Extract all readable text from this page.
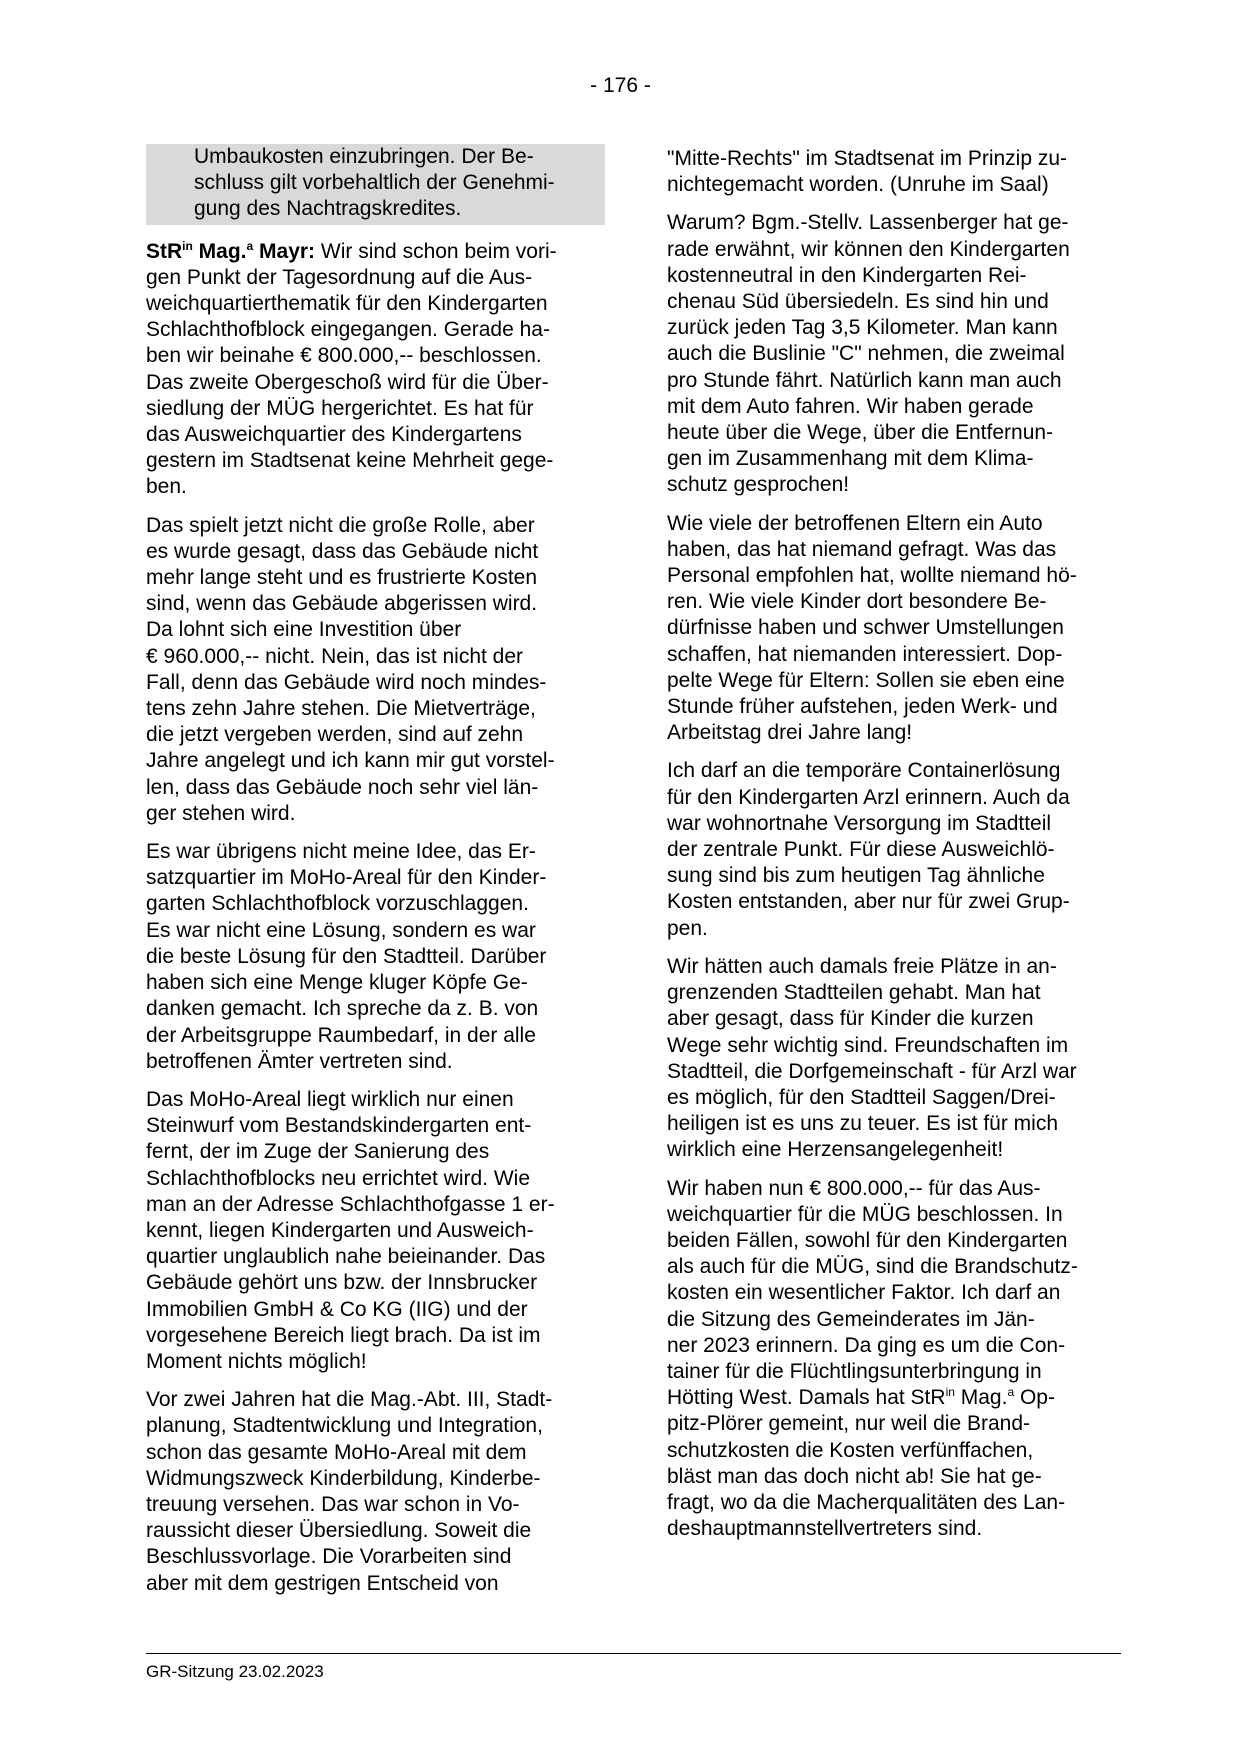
- 176 -

Umbaukosten einzubringen. Der Be-
schluss gilt vorbehaltlich der Genehmi-
gung des Nachtragskredites.

StR$^{in}$ Mag.$^a$ Mayr: Wir sind schon beim vori-
gen Punkt der Tagesordnung auf die Aus-
weichquartierthematik für den Kindergarten
Schlachthofblock eingegangen. Gerade ha-
ben wir beinahe € 800.000,-- beschlossen.
Das zweite Obergeschoß wird für die Über-
siedlung der MÜG hergerichtet. Es hat für
das Ausweichquartier des Kindergartens
gestern im Stadtsenat keine Mehrheit gege-
ben.

Das spielt jetzt nicht die große Rolle, aber
es wurde gesagt, dass das Gebäude nicht
mehr lange steht und es frustrierte Kosten
sind, wenn das Gebäude abgerissen wird.
Da lohnt sich eine Investition über
€ 960.000,-- nicht. Nein, das ist nicht der
Fall, denn das Gebäude wird noch mindes-
tens zehn Jahre stehen. Die Mietverträge,
die jetzt vergeben werden, sind auf zehn
Jahre angelegt und ich kann mir gut vorstel-
len, dass das Gebäude noch sehr viel län-
ger stehen wird.

Es war übrigens nicht meine Idee, das Er-
satzquartier im MoHo-Areal für den Kinder-
garten Schlachthofblock vorzuschlaggen.
Es war nicht eine Lösung, sondern es war
die beste Lösung für den Stadtteil. Darüber
haben sich eine Menge kluger Köpfe Ge-
danken gemacht. Ich spreche da z. B. von
der Arbeitsgruppe Raumbedarf, in der alle
betroffenen Ämter vertreten sind.

Das MoHo-Areal liegt wirklich nur einen
Steinwurf vom Bestandskindergarten ent-
fernt, der im Zuge der Sanierung des
Schlachthofblocks neu errichtet wird. Wie
man an der Adresse Schlachthofgasse 1 er-
kennt, liegen Kindergarten und Ausweich-
quartier unglaublich nahe beieinander. Das
Gebäude gehört uns bzw. der Innsbrucker
Immobilien GmbH & Co KG (IIG) und der
vorgesehene Bereich liegt brach. Da ist im
Moment nichts möglich!

Vor zwei Jahren hat die Mag.-Abt. III, Stadt-
planung, Stadtentwicklung und Integration,
schon das gesamte MoHo-Areal mit dem
Widmungszweck Kinderbildung, Kinderbe-
treuung versehen. Das war schon in Vo-
raussicht dieser Übersiedlung. Soweit die
Beschlussvorlage. Die Vorarbeiten sind
aber mit dem gestrigen Entscheid von

"Mitte-Rechts" im Stadtsenat im Prinzip zu-
nichtegemacht worden. (Unruhe im Saal)

Warum? Bgm.-Stellv. Lassenberger hat ge-
rade erwähnt, wir können den Kindergarten
kostenneutral in den Kindergarten Rei-
chenau Süd übersiedeln. Es sind hin und
zurück jeden Tag 3,5 Kilometer. Man kann
auch die Buslinie "C" nehmen, die zweimal
pro Stunde fährt. Natürlich kann man auch
mit dem Auto fahren. Wir haben gerade
heute über die Wege, über die Entfernun-
gen im Zusammenhang mit dem Klima-
schutz gesprochen!

Wie viele der betroffenen Eltern ein Auto
haben, das hat niemand gefragt. Was das
Personal empfohlen hat, wollte niemand hö-
ren. Wie viele Kinder dort besondere Be-
dürfnisse haben und schwer Umstellungen
schaffen, hat niemanden interessiert. Dop-
pelte Wege für Eltern: Sollen sie eben eine
Stunde früher aufstehen, jeden Werk- und
Arbeitstag drei Jahre lang!

Ich darf an die temporäre Containerlösung
für den Kindergarten Arzl erinnern. Auch da
war wohnortnahe Versorgung im Stadtteil
der zentrale Punkt. Für diese Ausweichlö-
sung sind bis zum heutigen Tag ähnliche
Kosten entstanden, aber nur für zwei Grup-
pen.

Wir hätten auch damals freie Plätze in an-
grenzenden Stadtteilen gehabt. Man hat
aber gesagt, dass für Kinder die kurzen
Wege sehr wichtig sind. Freundschaften im
Stadtteil, die Dorfgemeinschaft - für Arzl war
es möglich, für den Stadtteil Saggen/Drei-
heiligen ist es uns zu teuer. Es ist für mich
wirklich eine Herzensangelegenheit!

Wir haben nun € 800.000,-- für das Aus-
weichquartier für die MÜG beschlossen. In
beiden Fällen, sowohl für den Kindergarten
als auch für die MÜG, sind die Brandschutz-
kosten ein wesentlicher Faktor. Ich darf an
die Sitzung des Gemeinderates im Jän-
ner 2023 erinnern. Da ging es um die Con-
tainer für die Flüchtlingsunterbringung in
Hötting West. Damals hat StR$^{in}$ Mag.$^a$ Op-
pitz-Plörer gemeint, nur weil die Brand-
schutzkosten die Kosten verfünffachen,
bläst man das doch nicht ab! Sie hat ge-
fragt, wo da die Macherqualitäten des Lan-
deshauptmannstellvertreters sind.

GR-Sitzung 23.02.2023
